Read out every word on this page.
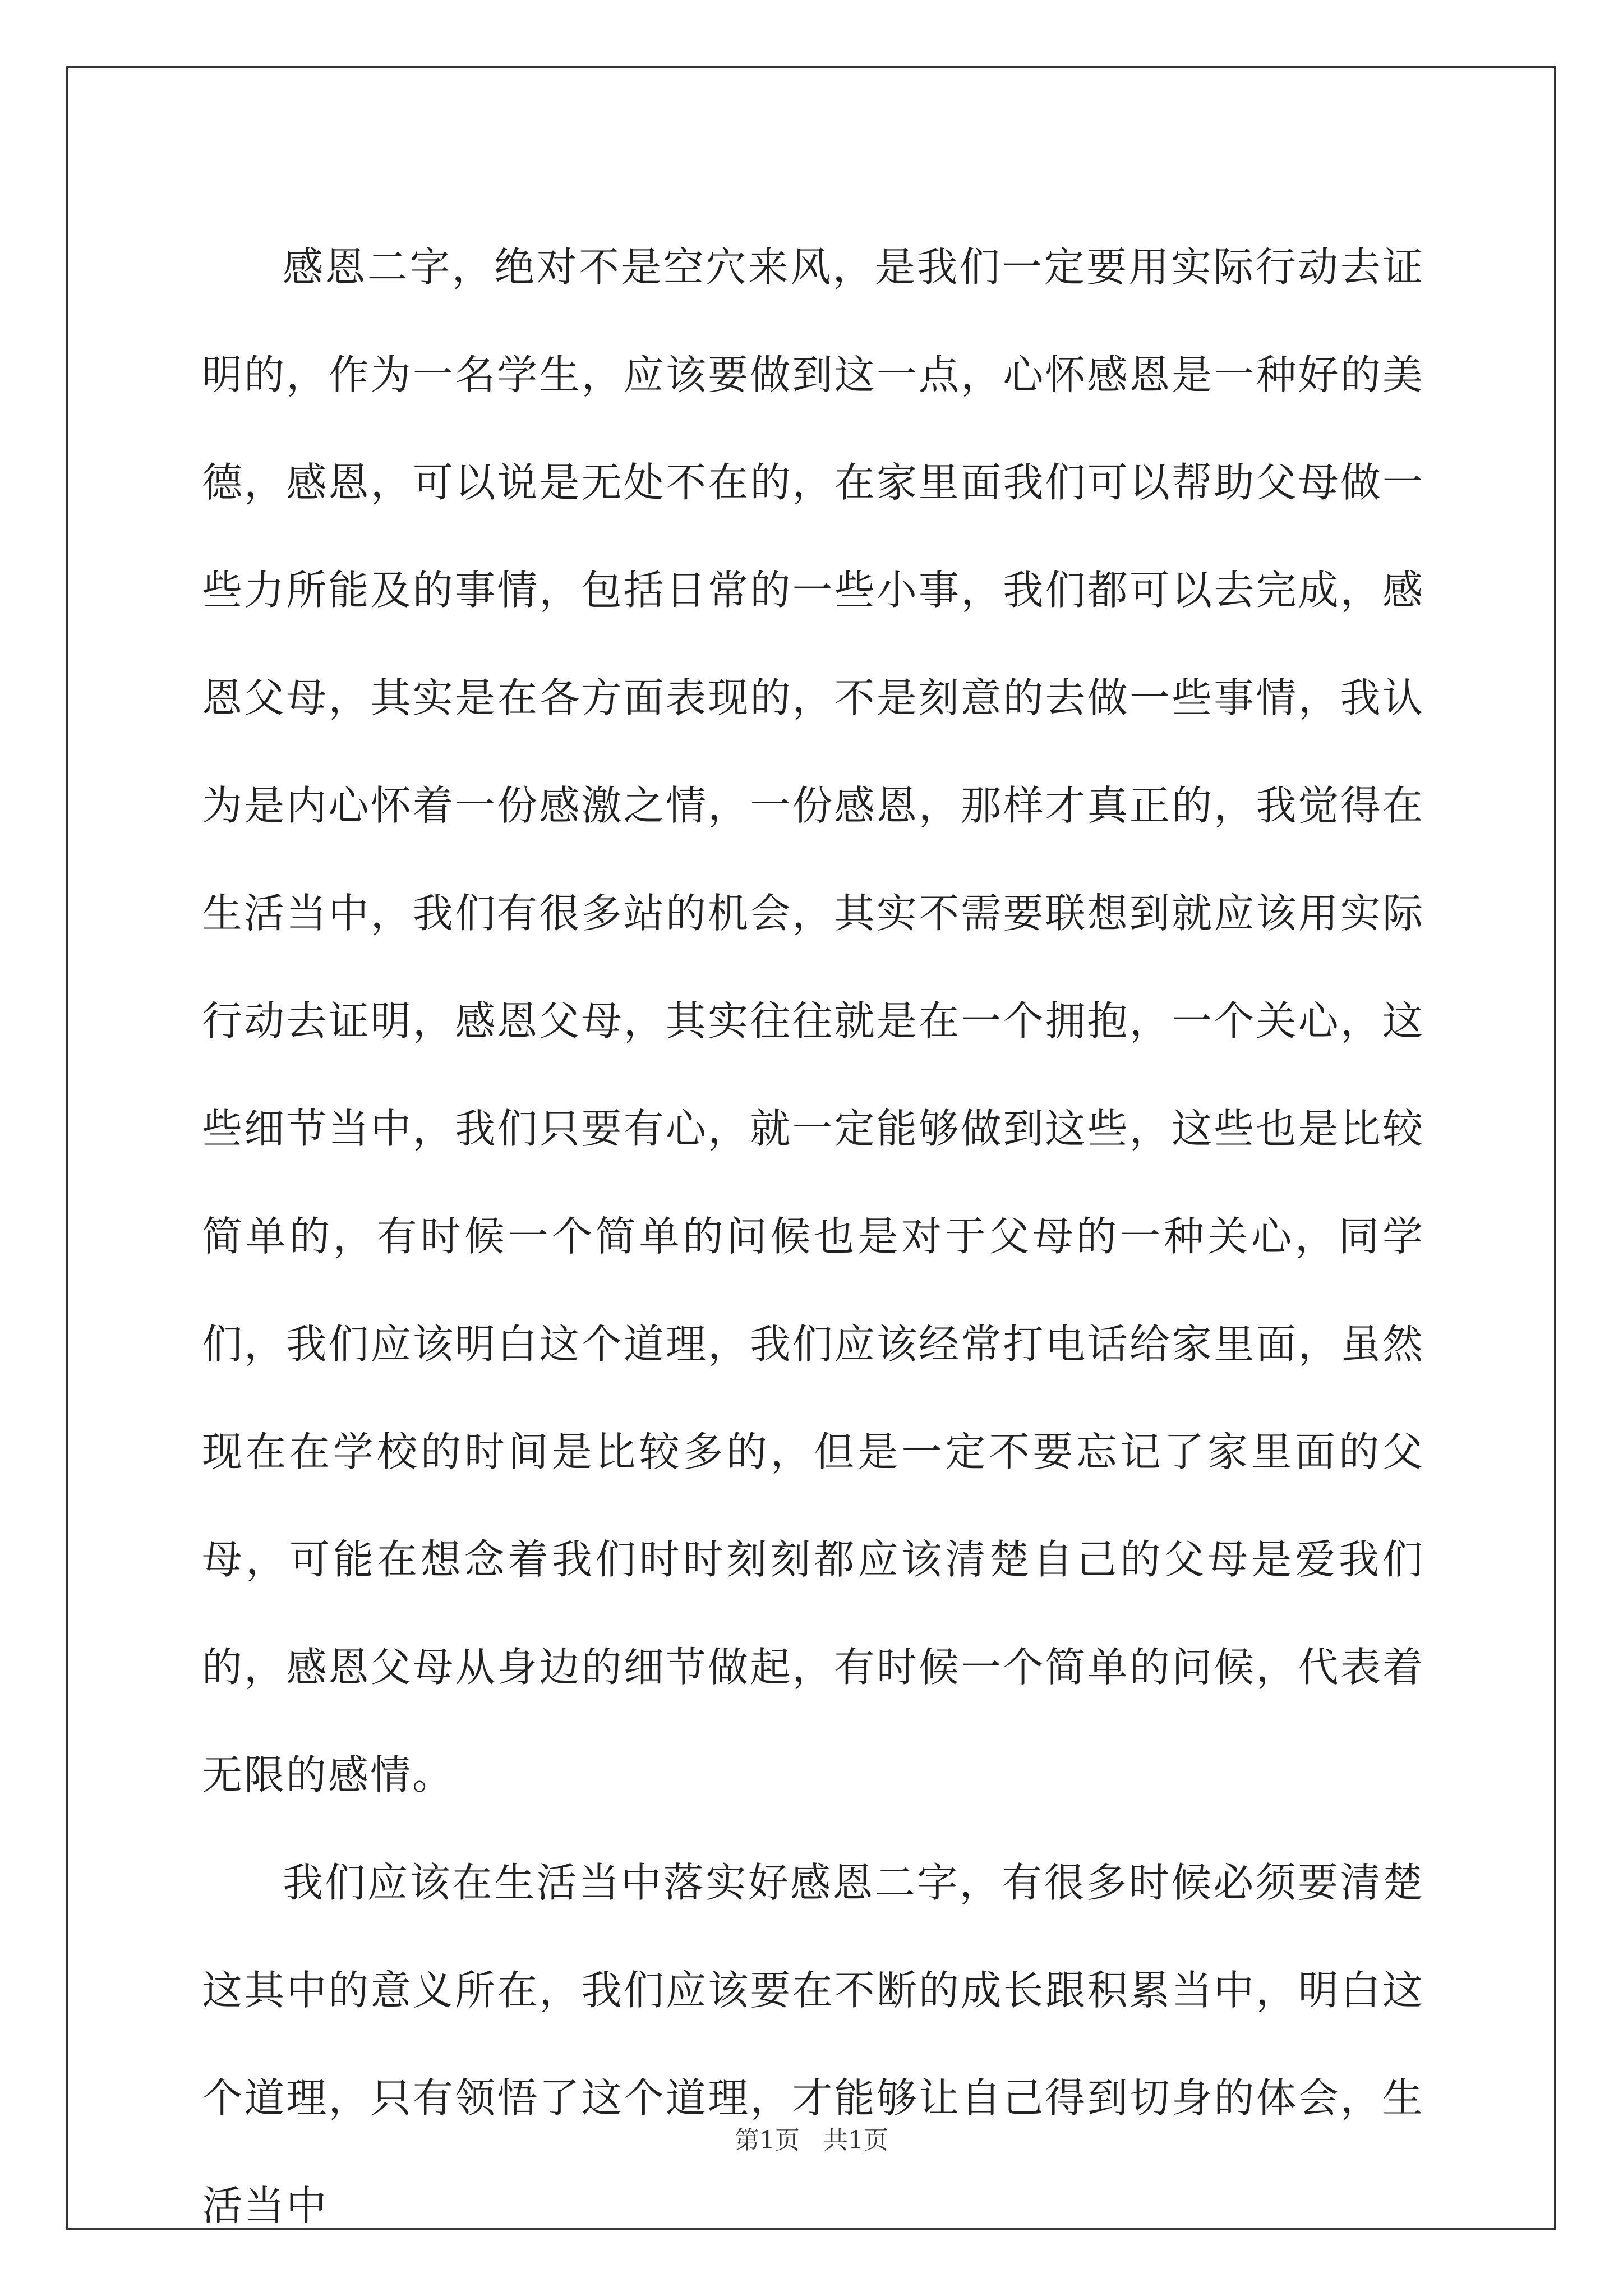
感恩二字，绝对不是空穴来风，是我们一定要用实际行动去证明的，作为一名学生，应该要做到这一点，心怀感恩是一种好的美德，感恩，可以说是无处不在的，在家里面我们可以帮助父母做一些力所能及的事情，包括日常的一些小事，我们都可以去完成，感恩父母，其实是在各方面表现的，不是刻意的去做一些事情，我认为是内心怀着一份感激之情，一份感恩，那样才真正的，我觉得在生活当中，我们有很多站的机会，其实不需要联想到就应该用实际行动去证明，感恩父母，其实往往就是在一个拥抱，一个关心，这些细节当中，我们只要有心，就一定能够做到这些，这些也是比较简单的，有时候一个简单的问候也是对于父母的一种关心，同学们，我们应该明白这个道理，我们应该经常打电话给家里面，虽然现在在学校的时间是比较多的，但是一定不要忘记了家里面的父母，可能在想念着我们时时刻刻都应该清楚自己的父母是爱我们的，感恩父母从身边的细节做起，有时候一个简单的问候，代表着无限的感情。

我们应该在生活当中落实好感恩二字，有很多时候必须要清楚这其中的意义所在，我们应该要在不断的成长跟积累当中，明白这个道理，只有领悟了这个道理，才能够让自己得到切身的体会，生活当中

第1页   共1页
